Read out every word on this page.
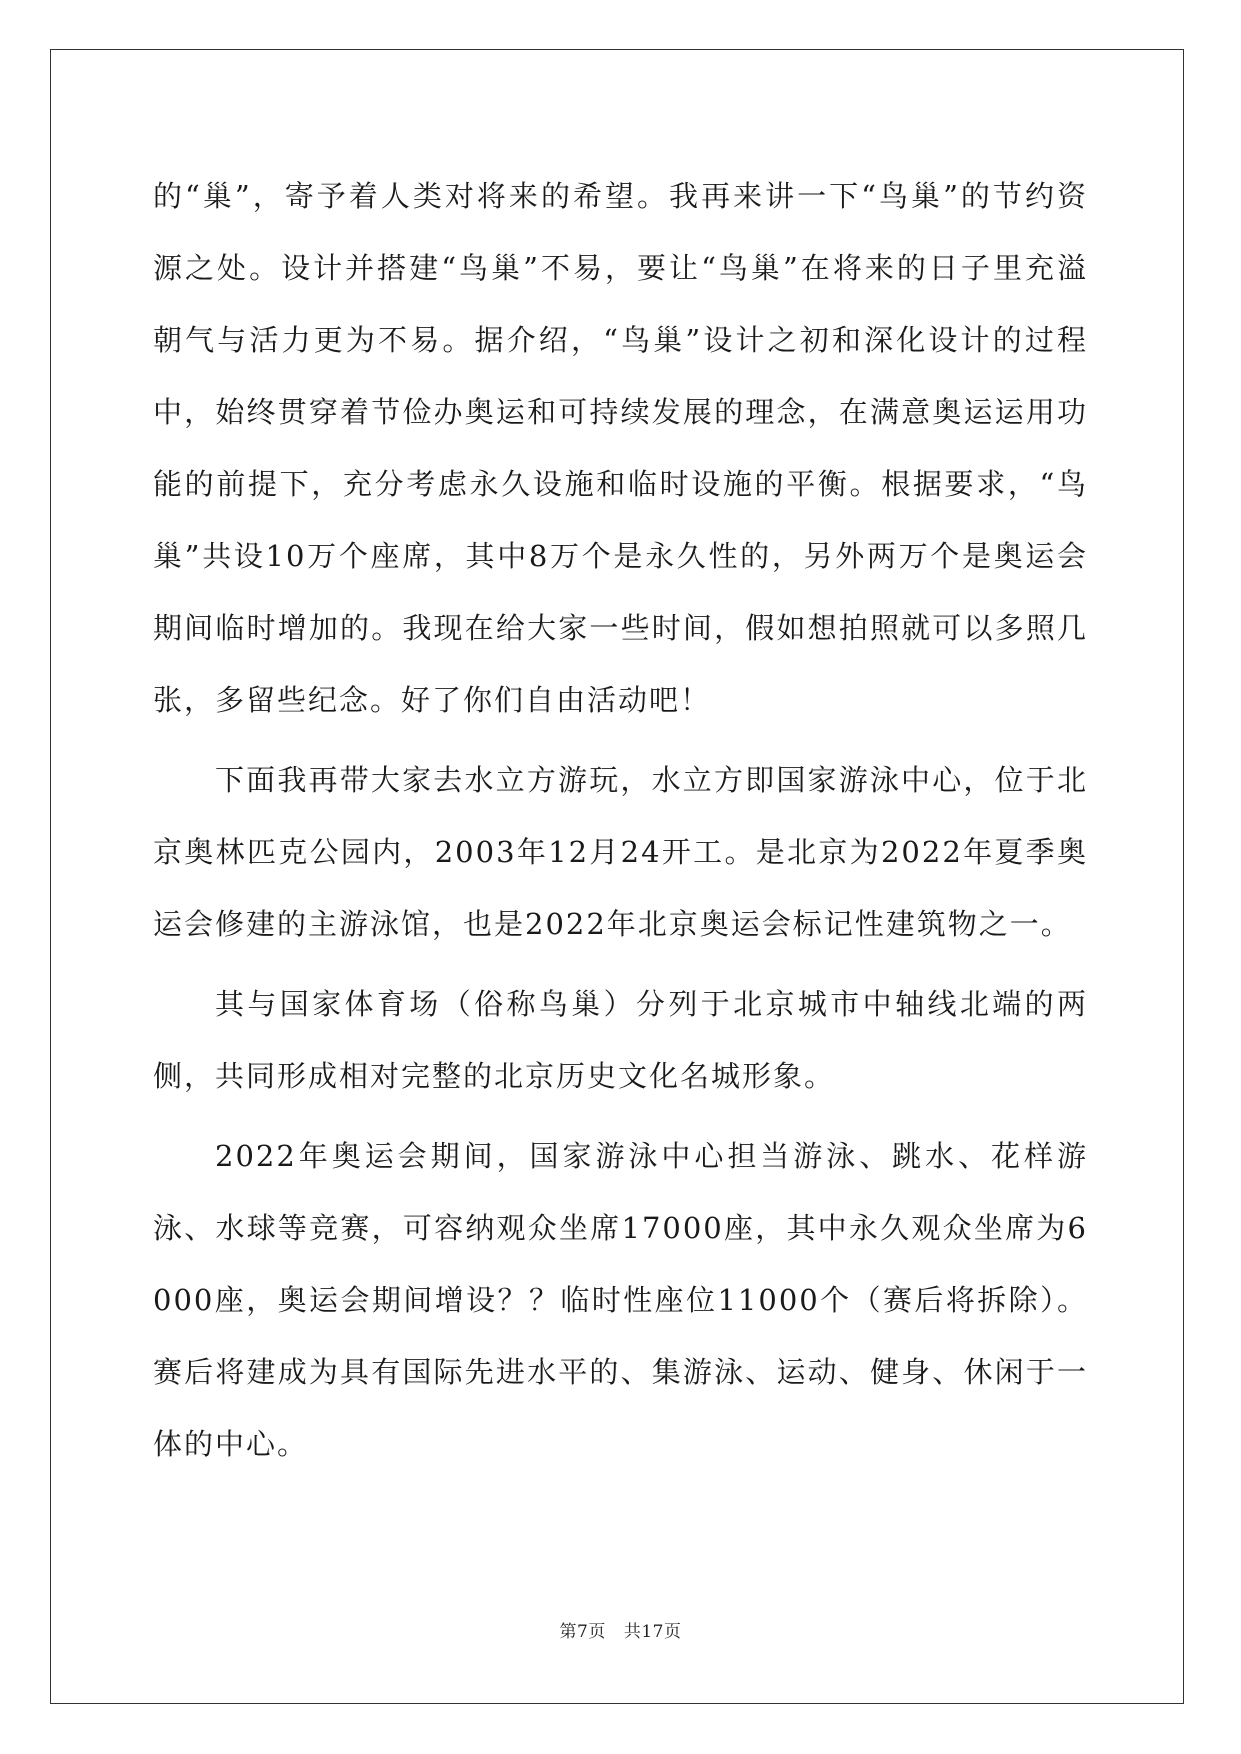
的“巢”，寄予着人类对将来的希望。我再来讲一下“鸟巢”的节约资源之处。设计并搭建“鸟巢”不易，要让“鸟巢”在将来的日子里充溢朝气与活力更为不易。据介绍，“鸟巢”设计之初和深化设计的过程中，始终贯穿着节俭办奥运和可持续发展的理念，在满意奥运运用功能的前提下，充分考虑永久设施和临时设施的平衡。根据要求，“鸟巢”共设10万个座席，其中8万个是永久性的，另外两万个是奥运会期间临时增加的。我现在给大家一些时间，假如想拍照就可以多照几张，多留些纪念。好了你们自由活动吧！

下面我再带大家去水立方游玩，水立方即国家游泳中心，位于北京奥林匹克公园内，2003年12月24开工。是北京为2022年夏季奥运会修建的主游泳馆，也是2022年北京奥运会标记性建筑物之一。

其与国家体育场（俗称鸟巢）分列于北京城市中轴线北端的两侧，共同形成相对完整的北京历史文化名城形象。

2022年奥运会期间，国家游泳中心担当游泳、跳水、花样游泳、水球等竞赛，可容纳观众坐席17000座，其中永久观众坐席为6000座，奥运会期间增设？？临时性座位11000个（赛后将拆除）。赛后将建成为具有国际先进水平的、集游泳、运动、健身、休闲于一体的中心。

第7页 共17页
